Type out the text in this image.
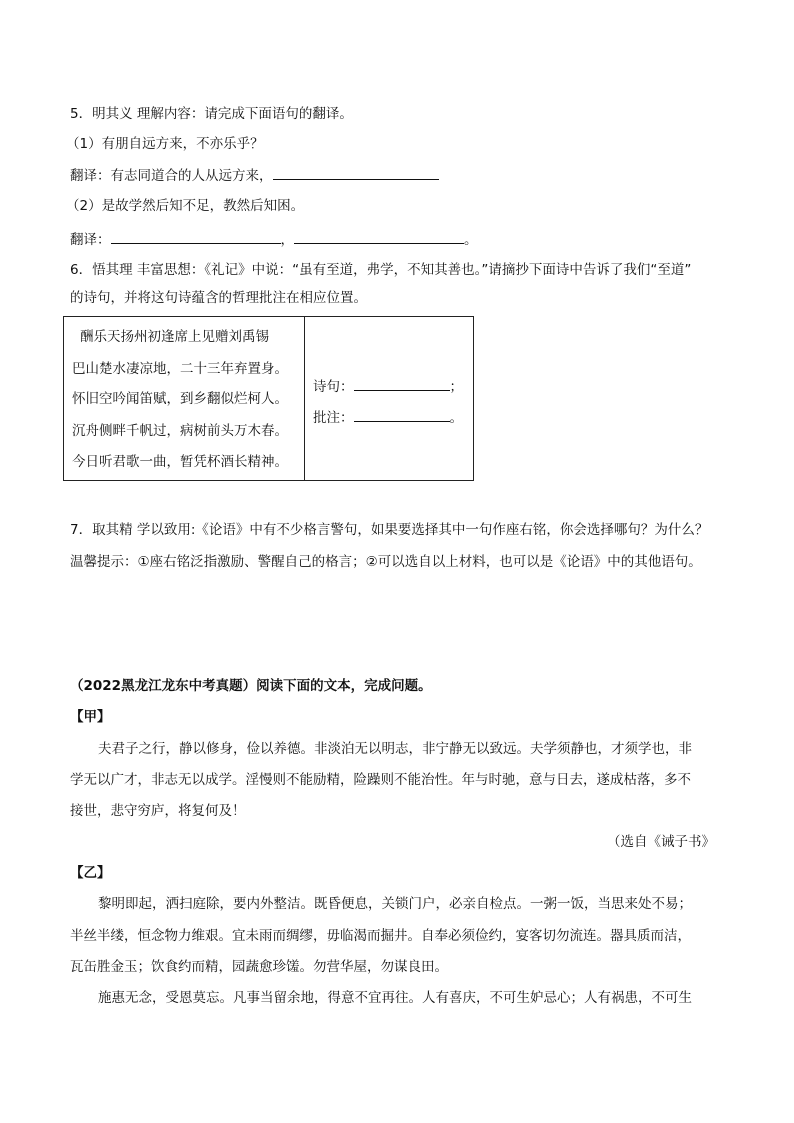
5．明其义 理解内容：请完成下面语句的翻译。
（1）有朋自远方来，不亦乐乎？
翻译：有志同道合的人从远方来，
（2）是故学然后知不足，教然后知困。
翻译：	，	。
6．悟其理 丰富思想：《礼记》中说：“虽有至道，弗学，不知其善也。”请摘抄下面诗中告诉了我们“至道”
的诗句，并将这句诗蕴含的哲理批注在相应位置。
酬乐天扬州初逢席上见赠刘禹锡
巴山楚水凄凉地，二十三年弃置身。
怀旧空吟闻笛赋，到乡翻似烂柯人。
沉舟侧畔千帆过，病树前头万木春。
今日听君歌一曲，暂凭杯酒长精神。

诗句：	；
批注：	。
7．取其精 学以致用:《论语》中有不少格言警句，如果要选择其中一句作座右铭，你会选择哪句？为什么？
温馨提示：①座右铭泛指激励、警醒自己的格言；②可以选自以上材料，也可以是《论语》中的其他语句。
（2022黑龙江龙东中考真题）阅读下面的文本，完成问题。
【甲】
夫君子之行，静以修身，俭以养德。非淡泊无以明志，非宁静无以致远。夫学须静也，才须学也，非
学无以广才，非志无以成学。淫慢则不能励精，险躁则不能治性。年与时驰，意与日去，遂成枯落，多不
接世，悲守穷庐，将复何及！
（选自《诫子书》
【乙】
黎明即起，洒扫庭除，要内外整洁。既昏便息，关锁门户，必亲自检点。一粥一饭，当思来处不易；
半丝半缕，恒念物力维艰。宜未雨而绸缪，毋临渴而掘井。自奉必须俭约，宴客切勿流连。器具质而洁，
瓦缶胜金玉；饮食约而精，园蔬愈珍馐。勿营华屋，勿谋良田。
施惠无念，受恩莫忘。凡事当留余地，得意不宜再往。人有喜庆，不可生妒忌心；人有祸患，不可生
